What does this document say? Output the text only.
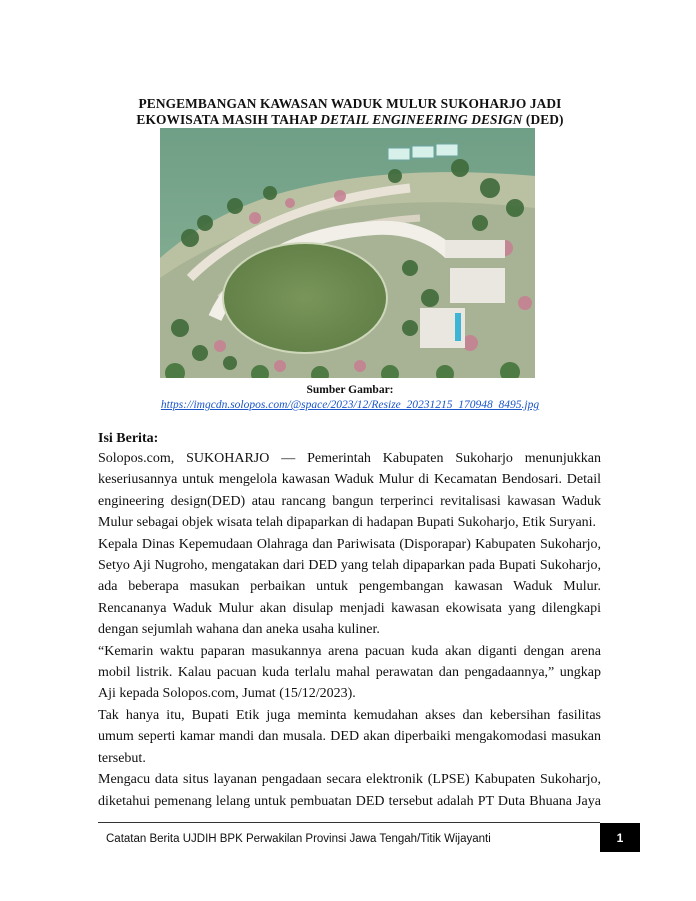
PENGEMBANGAN KAWASAN WADUK MULUR SUKOHARJO JADI
EKOWISATA MASIH TAHAP DETAIL ENGINEERING DESIGN (DED)
Sumber Gambar:
https://imgcdn.solopos.com/@space/2023/12/Resize_20231215_170948_8495.jpg
Isi Berita:

Solopos.com, SUKOHARJO — Pemerintah Kabupaten Sukoharjo menunjukkan keseriusannya untuk mengelola kawasan Waduk Mulur di Kecamatan Bendosari. Detail engineering design(DED) atau rancang bangun terperinci revitalisasi kawasan Waduk Mulur sebagai objek wisata telah dipaparkan di hadapan Bupati Sukoharjo, Etik Suryani.

Kepala Dinas Kepemudaan Olahraga dan Pariwisata (Disporapar) Kabupaten Sukoharjo, Setyo Aji Nugroho, mengatakan dari DED yang telah dipaparkan pada Bupati Sukoharjo, ada beberapa masukan perbaikan untuk pengembangan kawasan Waduk Mulur. Rencananya Waduk Mulur akan disulap menjadi kawasan ekowisata yang dilengkapi dengan sejumlah wahana dan aneka usaha kuliner.

“Kemarin waktu paparan masukannya arena pacuan kuda akan diganti dengan arena mobil listrik. Kalau pacuan kuda terlalu mahal perawatan dan pengadaannya,” ungkap Aji kepada Solopos.com, Jumat (15/12/2023).

Tak hanya itu, Bupati Etik juga meminta kemudahan akses dan kebersihan fasilitas umum seperti kamar mandi dan musala. DED akan diperbaiki mengakomodasi masukan tersebut.

Mengacu data situs layanan pengadaan secara elektronik (LPSE) Kabupaten Sukoharjo, diketahui pemenang lelang untuk pembuatan DED tersebut adalah PT Duta Bhuana Jaya

Catatan Berita UJDIH BPK Perwakilan Provinsi Jawa Tengah/Titik Wijayanti	1
